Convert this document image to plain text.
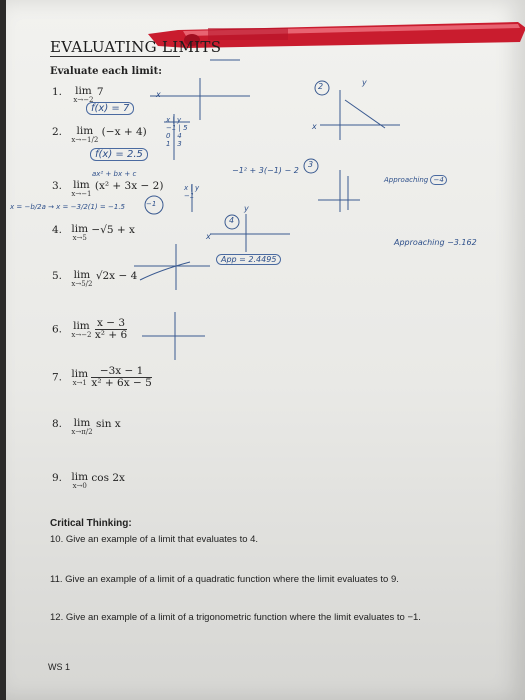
EVALUATING LIMITS
Evaluate each limit:
1. lim
x→−2
7
f(x) = 7
2.	lim
x→−1/2
(−x + 4)
f(x) = 2.5
x | y
−1 | 5
0 | 4
1 | 3
ax² + bx + c
3. lim
x→−1
(x² + 3x − 2)	x | y
−1
−1² + 3(−1) − 2
x = −b/2a → x = −3/2(1) = −1.5
4. lim
x→5
−√5 + x
Approaching −3.162
5. lim
x→5/2
√2x − 4
App = 2.4495
6. lim
x→−2
$\frac{x - 3}{\text{x² + 6}}$
7. lim
x→1
$\frac{-3x - 1}{\text{x² + 6x − 5}}$
8. lim
x→π/2
sin x
9. lim
x→0
cos 2x
Critical Thinking:
10. Give an example of a limit that evaluates to 4.
11. Give an example of a limit of a quadratic function where the limit evaluates to 9.
12. Give an example of a limit of a trigonometric function where the limit evaluates to −1.
WS 1
2
3
4
−1
Approaching −4
y
y
x
x
x
